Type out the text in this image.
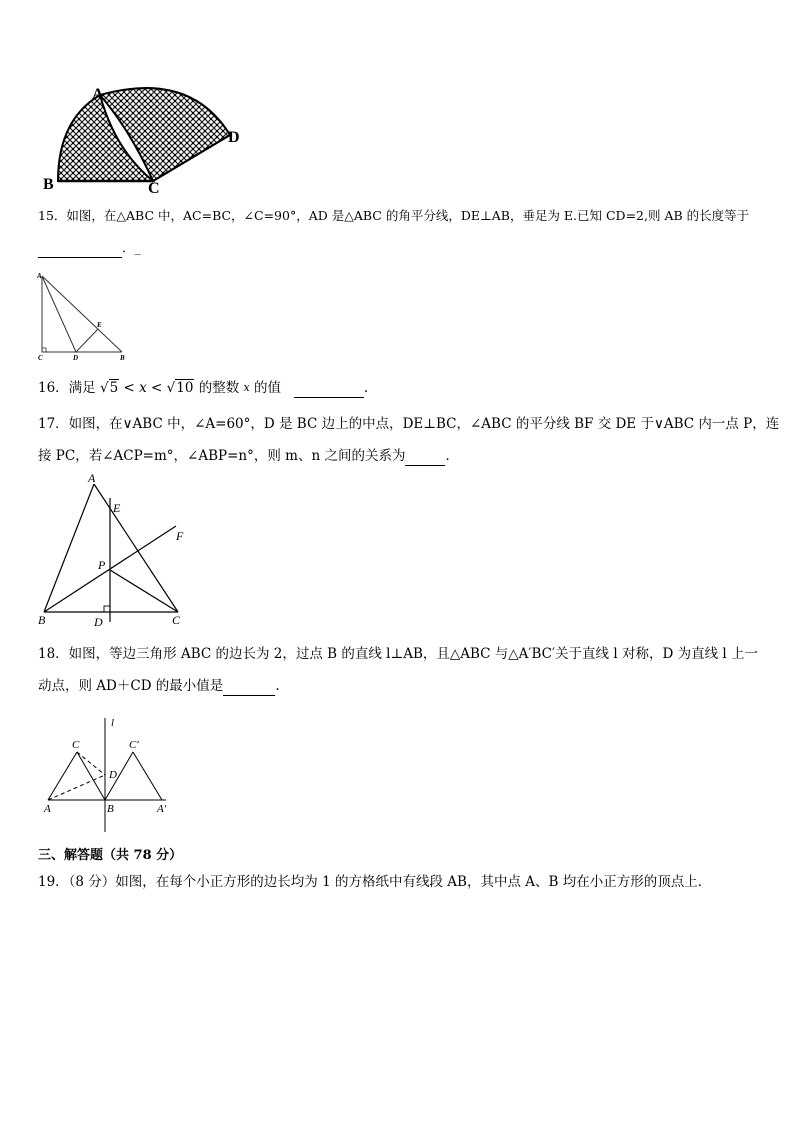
A
B	C
D
15．如图，在△ABC 中，AC=BC，∠C=90°，AD 是△ABC 的角平分线，DE⊥AB，垂足为 E.已知 CD=2,则 AB 的长度等于
．_
A
C	D
E
B
16．满足 √5 < x < √10 的整数 $^x$ 的值	.
17．如图，在∨ABC 中，∠A=60°，D 是 BC 边上的中点，DE⊥BC，∠ABC 的平分线 BF 交 DE 于∨ABC 内一点 P，连
接 PC，若∠ACP=m°，∠ABP=n°，则 m、n 之间的关系为	．
A
E
F
P
B	D	C
18．如图，等边三角形 ABC 的边长为 2，过点 B 的直线 l⊥AB，且△ABC 与△A′BC′关于直线 l 对称，D 为直线 l 上一
动点，则 AD＋CD 的最小值是	.
l
C	C′
D
A	B	A′
三、解答题（共 78 分）
19．（8 分）如图，在每个小正方形的边长均为 1 的方格纸中有线段 AB，其中点 A、B 均在小正方形的顶点上．
